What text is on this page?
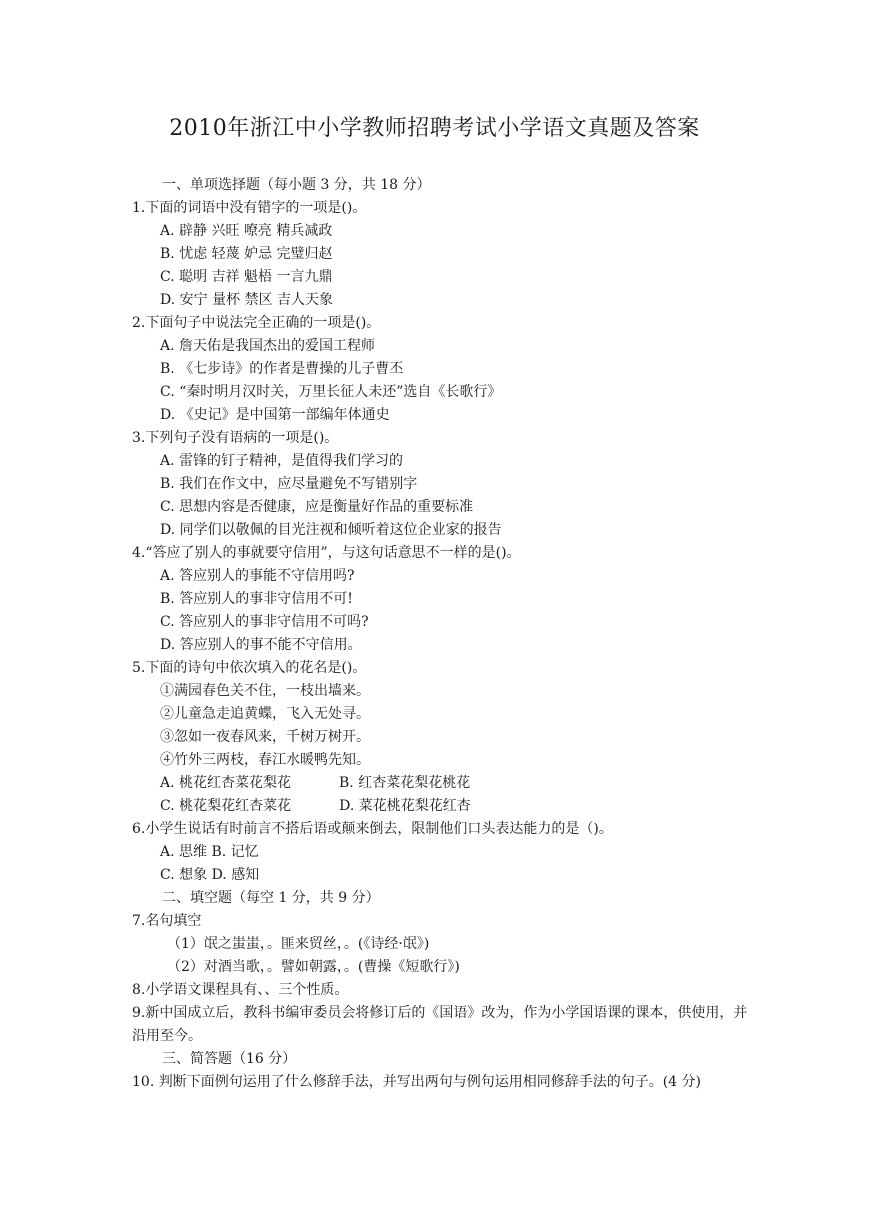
2010年浙江中小学教师招聘考试小学语文真题及答案
一、单项选择题（每小题 3 分，共 18 分）
1.下面的词语中没有错字的一项是()。
A. 辟静 兴旺 嘹亮 精兵减政
B. 忧虑 轻蔑 妒忌 完璧归赵
C. 聪明 吉祥 魁梧 一言九鼎
D. 安宁 量杯 禁区 吉人天象
2.下面句子中说法完全正确的一项是()。
A. 詹天佑是我国杰出的爱国工程师
B. 《七步诗》的作者是曹操的儿子曹丕
C. “秦时明月汉时关，万里长征人未还”选自《长歌行》
D. 《史记》是中国第一部编年体通史
3.下列句子没有语病的一项是()。
A. 雷锋的钉子精神，是值得我们学习的
B. 我们在作文中，应尽量避免不写错别字
C. 思想内容是否健康，应是衡量好作品的重要标准
D. 同学们以敬佩的目光注视和倾听着这位企业家的报告
4.“答应了别人的事就要守信用”，与这句话意思不一样的是()。
A. 答应别人的事能不守信用吗?
B. 答应别人的事非守信用不可!
C. 答应别人的事非守信用不可吗?
D. 答应别人的事不能不守信用。
5.下面的诗句中依次填入的花名是()。
①满园春色关不住，一枝出墙来。
②儿童急走追黄蝶，飞入无处寻。
③忽如一夜春风来，千树万树开。
④竹外三两枝，春江水暖鸭先知。
A. 桃花红杏菜花梨花	B. 红杏菜花梨花桃花
C. 桃花梨花红杏菜花	D. 菜花桃花梨花红杏
6.小学生说话有时前言不搭后语或颠来倒去，限制他们口头表达能力的是（)。
A. 思维 B. 记忆
C. 想象 D. 感知
二、填空题（每空 1 分，共 9 分）
7.名句填空
（1）氓之蚩蚩，。匪来贸丝，。(《诗经·氓》)
（2）对酒当歌，。譬如朝露，。(曹操《短歌行》)
8.小学语文课程具有、、三个性质。
9.新中国成立后，教科书编审委员会将修订后的《国语》改为，作为小学国语课的课本，供使用，并沿用至今。
三、简答题（16 分）
10. 判断下面例句运用了什么修辞手法，并写出两句与例句运用相同修辞手法的句子。(4 分)
